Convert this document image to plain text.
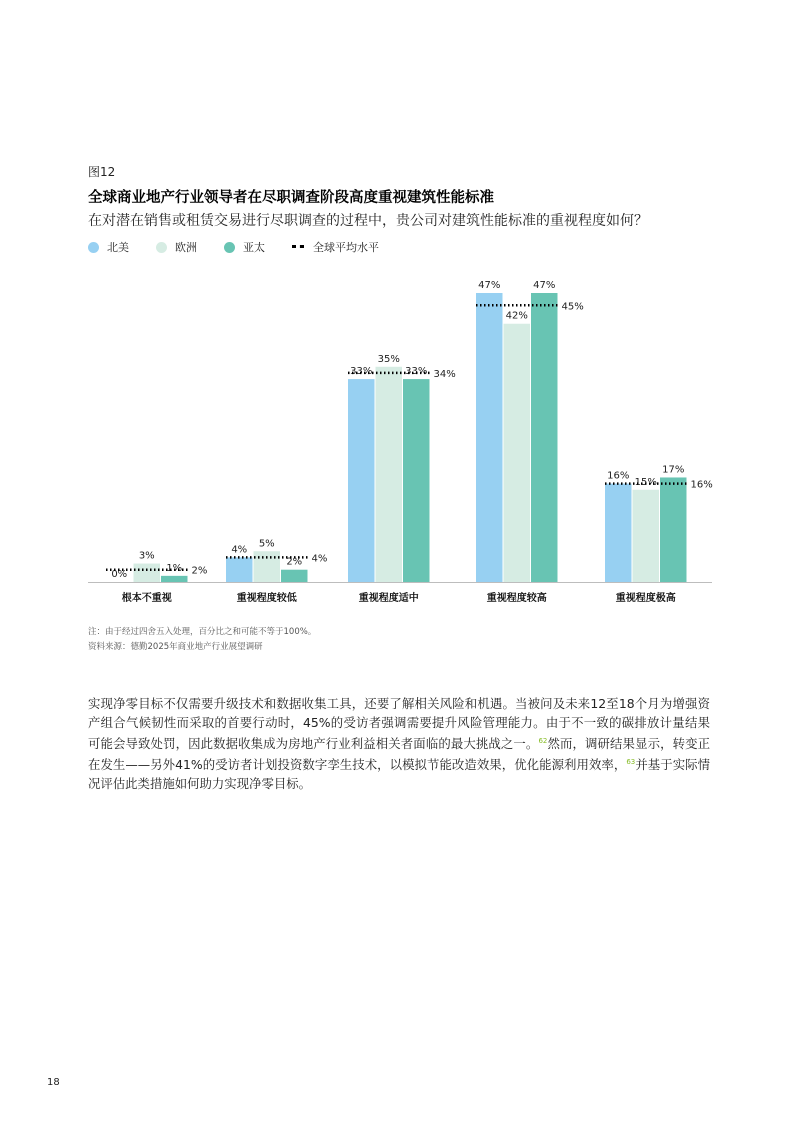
图12
全球商业地产行业领导者在尽职调查阶段高度重视建筑性能标准
在对潜在销售或租赁交易进行尽职调查的过程中，贵公司对建筑性能标准的重视程度如何？
北美	欧洲	亚太	全球平均水平
0%
3%
1% 2%
根本不重视
4%
5%
2% 4%
重视程度较低
33%
35%
33% 34%
重视程度适中
47%
42%
47%
45%
重视程度较高
16%
15%
17%
16%
重视程度极高
注：由于经过四舍五入处理，百分比之和可能不等于100%。
资料来源：德勤2025年商业地产行业展望调研
实现净零目标不仅需要升级技术和数据收集工具，还要了解相关风险和机遇。当被问及未来12至18个月为增强资产组合气候韧性而采取的首要行动时，45%的受访者强调需要提升风险管理能力。由于不一致的碳排放计量结果可能会导致处罚，因此数据收集成为房地产行业利益相关者面临的最大挑战之一。$^{62}$然而，调研结果显示，转变正在发生——另外41%的受访者计划投资数字孪生技术，以模拟节能改造效果，优化能源利用效率，$^{63}$并基于实际情况评估此类措施如何助力实现净零目标。
18
